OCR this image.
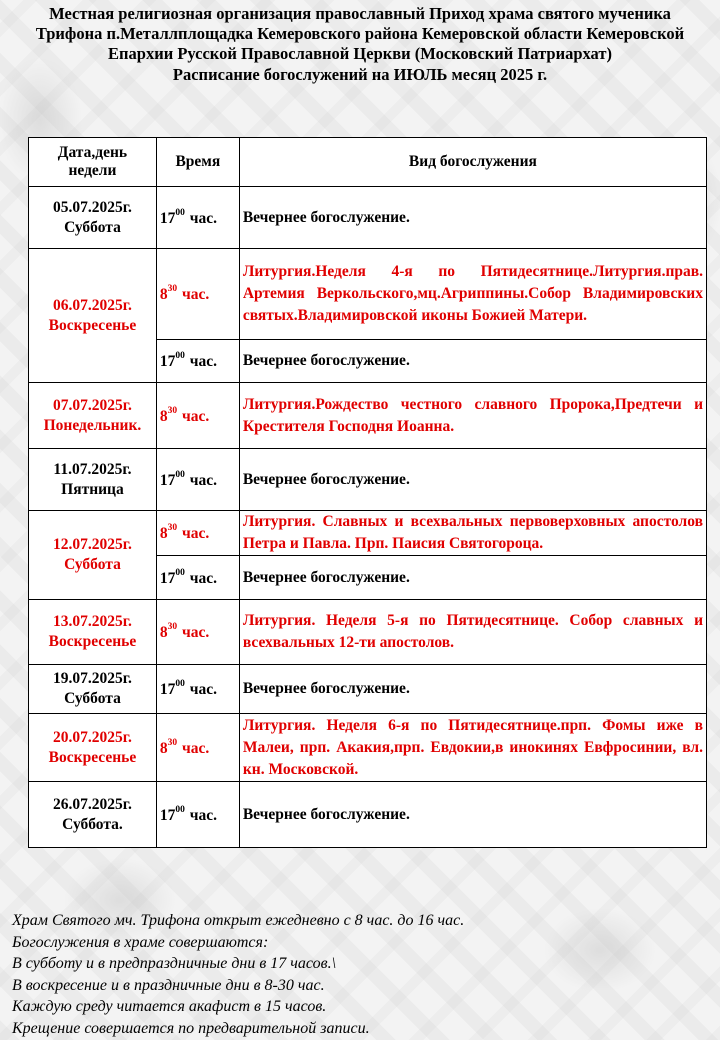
Местная религиозная организация православный Приход храма святого мученика Трифона п.Металлплощадка Кемеровского района Кемеровской области Кемеровской Епархии Русской Православной Церкви (Московский Патриархат)
Расписание богослужений на ИЮЛЬ месяц 2025 г.
Дата,день недели	Время	Вид богослужения

05.07.2025г.
Суббота	$17^{00}$ час.	Вечернее богослужение.

06.07.2025г.
Воскресенье	$8^{30}$ час.	Литургия.Неделя 4-я по Пятидесятнице.Литургия.прав. Артемия Веркольского,мц.Агриппины.Собор Владимировских святых.Владимировской иконы Божией Матери.
	$17^{00}$ час.	Вечернее богослужение.

07.07.2025г.
Понедельник.	$8^{30}$ час.	Литургия.Рождество честного славного Пророка,Предтечи и Крестителя Господня Иоанна.

11.07.2025г.
Пятница	$17^{00}$ час.	Вечернее богослужение.

12.07.2025г.
Суббота	$8^{30}$ час.	Литургия. Славных и всехвальных первоверховных апостолов Петра и Павла. Прп. Паисия Святогороца.
	$17^{00}$ час.	Вечернее богослужение.

13.07.2025г.
Воскресенье	$8^{30}$ час.	Литургия. Неделя 5-я по Пятидесятнице. Собор славных и всехвальных 12-ти апостолов.

19.07.2025г.
Суббота	$17^{00}$ час.	Вечернее богослужение.

20.07.2025г.
Воскресенье	$8^{30}$ час.	Литургия. Неделя 6-я по Пятидесятнице.прп. Фомы иже в Малеи, прп. Акакия,прп. Евдокии,в инокинях Евфросинии, вл. кн. Московской.

26.07.2025г.
Суббота.	$17^{00}$ час.	Вечернее богослужение.
Храм Святого мч. Трифона открыт ежедневно с 8 час. до 16 час.
Богослужения в храме совершаются:
В субботу и в предпраздничные дни в 17 часов.\
В воскресение и в праздничные дни в 8-30 час.
Каждую среду читается акафист в 15 часов.
Крещение совершается по предварительной записи.
